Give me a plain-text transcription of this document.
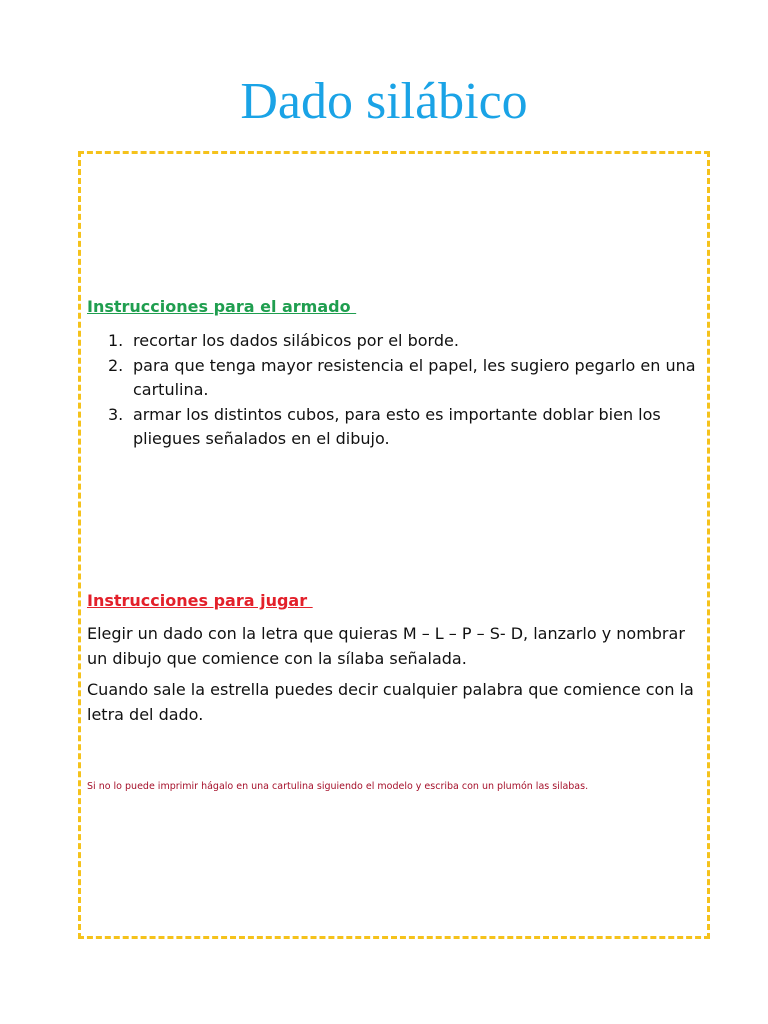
Dado silábico
Instrucciones para el armado
1. recortar los dados silábicos por el borde.
2. para que tenga mayor resistencia el papel, les sugiero pegarlo en una cartulina.
3. armar los distintos cubos, para esto es importante doblar bien los pliegues señalados en el dibujo.
Instrucciones para jugar

Elegir un dado con la letra que quieras M – L – P – S- D, lanzarlo y nombrar un dibujo que comience con la sílaba señalada.

Cuando sale la estrella puedes decir cualquier palabra que comience con la letra del dado.

Si no lo puede imprimir hágalo en una cartulina siguiendo el modelo y escriba con un plumón las silabas.
